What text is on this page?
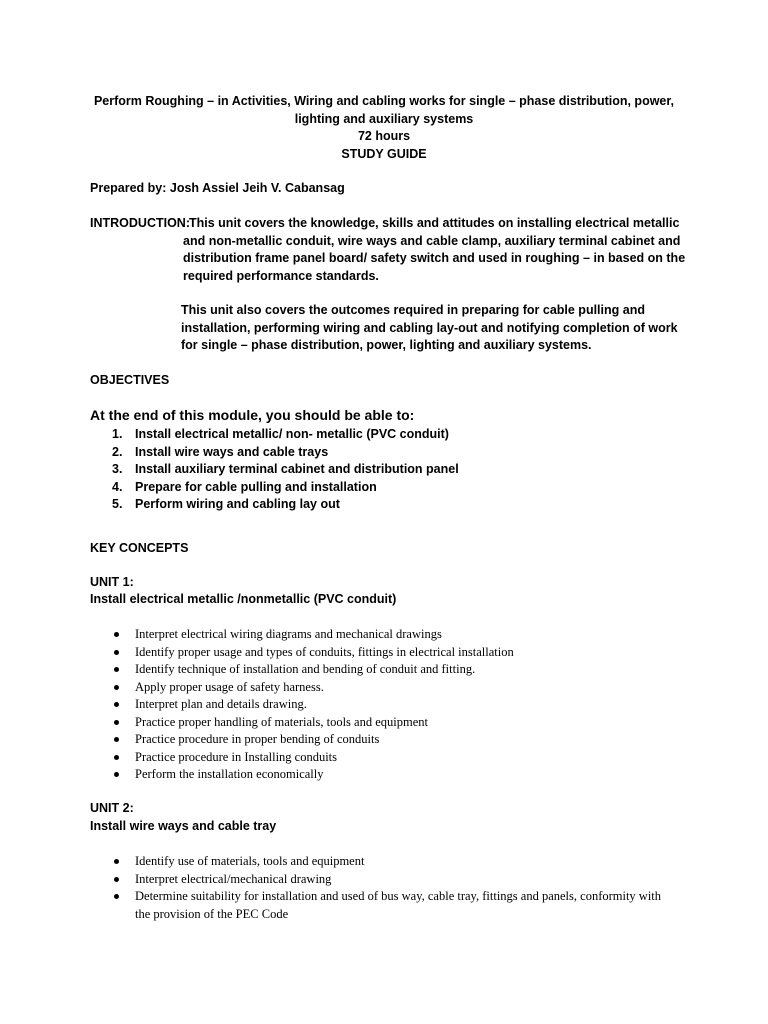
Perform Roughing – in Activities, Wiring and cabling works for single – phase distribution, power,
lighting and auxiliary systems
72 hours
STUDY GUIDE
Prepared by: Josh Assiel Jeih V. Cabansag
INTRODUCTION: This unit covers the knowledge, skills and attitudes on installing electrical metallic
and non-metallic conduit, wire ways and cable clamp, auxiliary terminal cabinet and
distribution frame panel board/ safety switch and used in roughing – in based on the
required performance standards.
This unit also covers the outcomes required in preparing for cable pulling and
installation, performing wiring and cabling lay-out and notifying completion of work
for single – phase distribution, power, lighting and auxiliary systems.
OBJECTIVES
At the end of this module, you should be able to:
1. Install electrical metallic/ non- metallic (PVC conduit)
2. Install wire ways and cable trays
3. Install auxiliary terminal cabinet and distribution panel
4. Prepare for cable pulling and installation
5. Perform wiring and cabling lay out
KEY CONCEPTS
UNIT 1:
Install electrical metallic /nonmetallic (PVC conduit)
Interpret electrical wiring diagrams and mechanical drawings
Identify proper usage and types of conduits, fittings in electrical installation
Identify technique of installation and bending of conduit and fitting.
Apply proper usage of safety harness.
Interpret plan and details drawing.
Practice proper handling of materials, tools and equipment
Practice procedure in proper bending of conduits
Practice procedure in Installing conduits
Perform the installation economically
UNIT 2:
Install wire ways and cable tray
Identify use of materials, tools and equipment
Interpret electrical/mechanical drawing
Determine suitability for installation and used of bus way, cable tray, fittings and panels, conformity with the provision of the PEC Code
